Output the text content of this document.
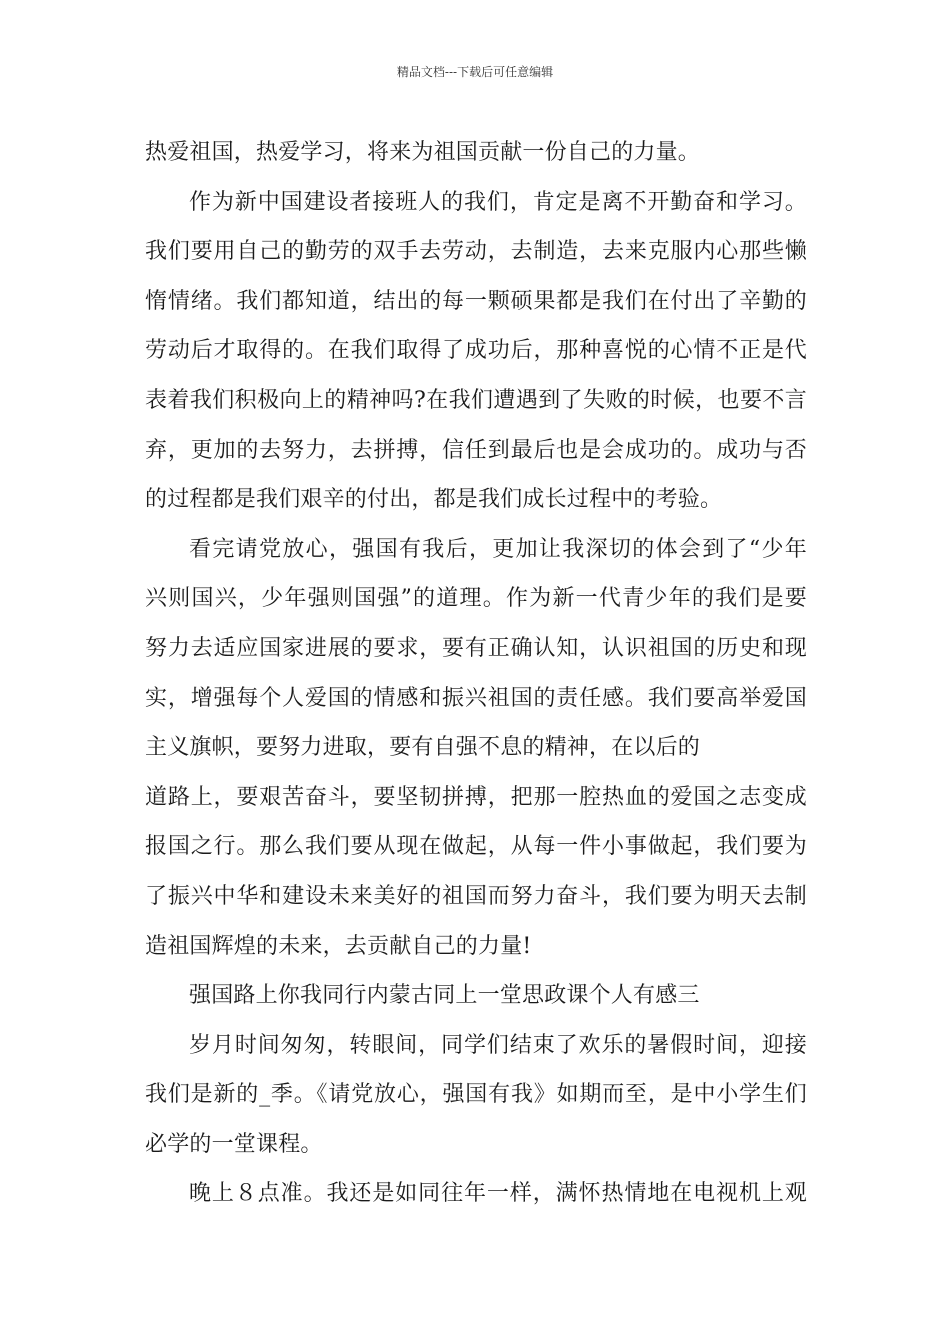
精品文档---下载后可任意编辑
热爱祖国，热爱学习，将来为祖国贡献一份自己的力量。
作为新中国建设者接班人的我们，肯定是离不开勤奋和学习。
我们要用自己的勤劳的双手去劳动，去制造，去来克服内心那些懒
惰情绪。我们都知道，结出的每一颗硕果都是我们在付出了辛勤的
劳动后才取得的。在我们取得了成功后，那种喜悦的心情不正是代
表着我们积极向上的精神吗?在我们遭遇到了失败的时候，也要不言
弃，更加的去努力，去拼搏，信任到最后也是会成功的。成功与否
的过程都是我们艰辛的付出，都是我们成长过程中的考验。
看完请党放心，强国有我后，更加让我深切的体会到了“少年
兴则国兴，少年强则国强”的道理。作为新一代青少年的我们是要
努力去适应国家进展的要求，要有正确认知，认识祖国的历史和现
实，增强每个人爱国的情感和振兴祖国的责任感。我们要高举爱国
主义旗帜，要努力进取，要有自强不息的精神，在以后的
道路上，要艰苦奋斗，要坚韧拼搏，把那一腔热血的爱国之志变成
报国之行。那么我们要从现在做起，从每一件小事做起，我们要为
了振兴中华和建设未来美好的祖国而努力奋斗，我们要为明天去制
造祖国辉煌的未来，去贡献自己的力量!
强国路上你我同行内蒙古同上一堂思政课个人有感三
岁月时间匆匆，转眼间，同学们结束了欢乐的暑假时间，迎接
我们是新的_季。《请党放心，强国有我》如期而至，是中小学生们
必学的一堂课程。
晚上８点准。我还是如同往年一样，满怀热情地在电视机上观
